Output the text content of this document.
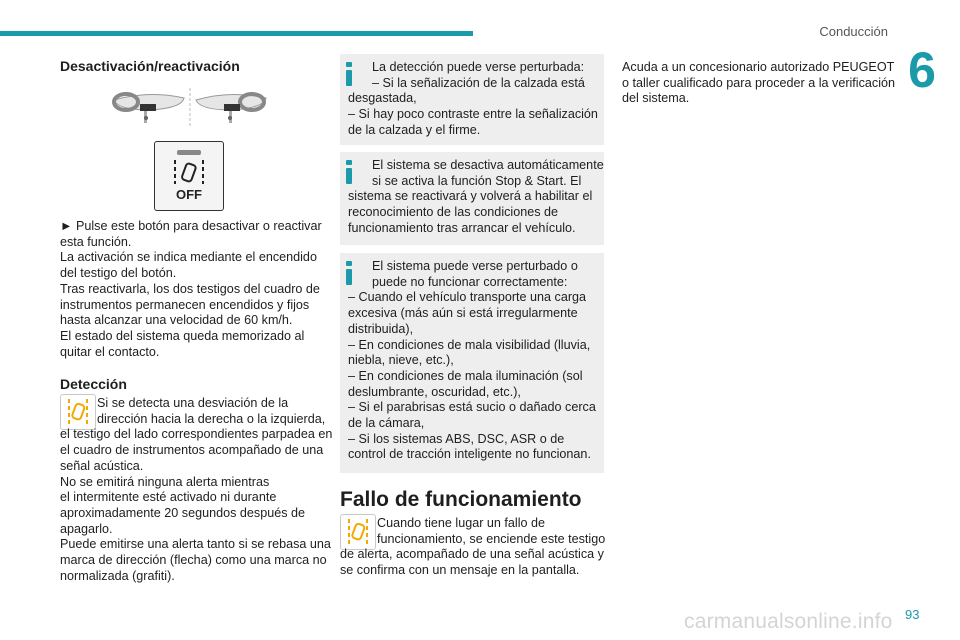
Conducción
6
93
carmanualsonline.info
Desactivación/reactivación
OFF
► Pulse este botón para desactivar o reactivar
esta función.
La activación se indica mediante el encendido
del testigo del botón.
Tras reactivarla, los dos testigos del cuadro de
instrumentos permanecen encendidos y fijos
hasta alcanzar una velocidad de 60 km/h.
El estado del sistema queda memorizado al
quitar el contacto.
Detección
Si se detecta una desviación de la
dirección hacia la derecha o la izquierda,
el testigo del lado correspondientes parpadea en
el cuadro de instrumentos acompañado de una
señal acústica.
No se emitirá ninguna alerta mientras
el intermitente esté activado ni durante
aproximadamente 20 segundos después de
apagarlo.
Puede emitirse una alerta tanto si se rebasa una
marca de dirección (flecha) como una marca no
normalizada (grafiti).
La detección puede verse perturbada:
– Si la señalización de la calzada está
desgastada,
– Si hay poco contraste entre la señalización
de la calzada y el firme.
El sistema se desactiva automáticamente
si se activa la función Stop & Start. El
sistema se reactivará y volverá a habilitar el
reconocimiento de las condiciones de
funcionamiento tras arrancar el vehículo.
El sistema puede verse perturbado o
puede no funcionar correctamente:
– Cuando el vehículo transporte una carga
excesiva (más aún si está irregularmente
distribuida),
– En condiciones de mala visibilidad (lluvia,
niebla, nieve, etc.),
– En condiciones de mala iluminación (sol
deslumbrante, oscuridad, etc.),
– Si el parabrisas está sucio o dañado cerca
de la cámara,
– Si los sistemas ABS, DSC, ASR o de
control de tracción inteligente no funcionan.
Fallo de funcionamiento
Cuando tiene lugar un fallo de
funcionamiento, se enciende este testigo
de alerta, acompañado de una señal acústica y
se confirma con un mensaje en la pantalla.
Acuda a un concesionario autorizado PEUGEOT
o taller cualificado para proceder a la verificación
del sistema.
